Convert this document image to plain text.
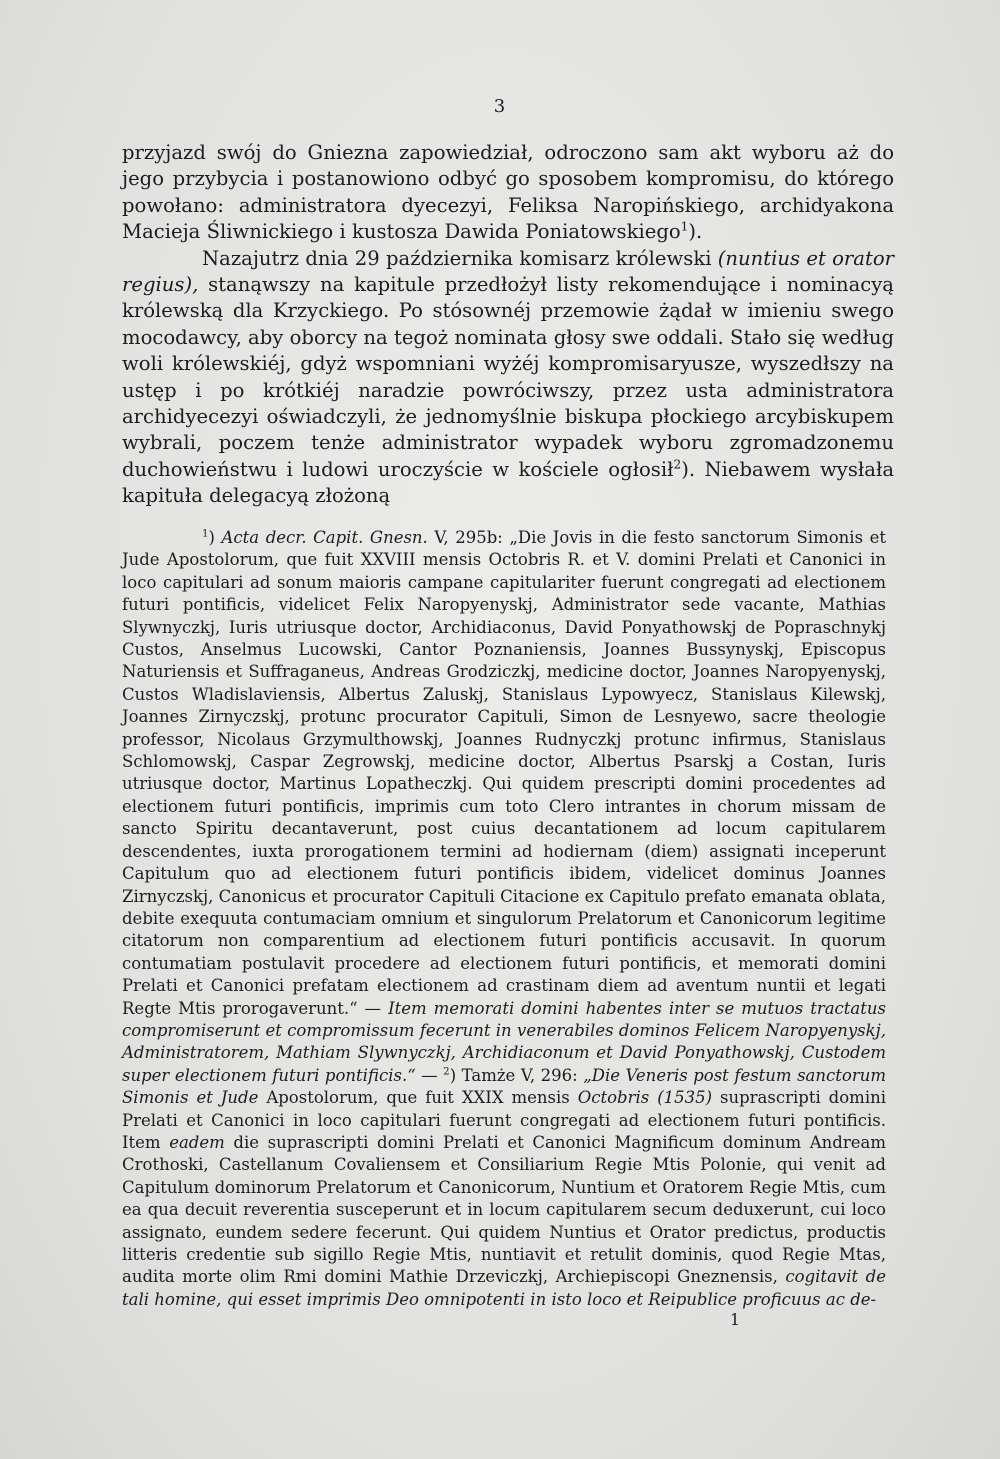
3

przyjazd swój do Gniezna zapowiedział, odroczono sam akt wyboru aż do jego przybycia i postanowiono odbyć go sposobem kompromisu, do którego powołano: administratora dyecezyi, Feliksa Naropińskiego, archidyakona Macieja Śliwnickiego i kustosza Dawida Poniatowskiego$^1$).

Nazajutrz dnia 29 października komisarz królewski (nuntius et orator regius), stanąwszy na kapitule przedłożył listy rekomendujące i nominacyą królewską dla Krzyckiego. Po stósownéj przemowie żądał w imieniu swego mocodawcy, aby oborcy na tegoż nominata głosy swe oddali. Stało się według woli królewskiéj, gdyż wspomniani wyżéj kompromisaryusze, wyszedłszy na ustęp i po krótkiéj naradzie powróciwszy, przez usta administratora archidyecezyi oświadczyli, że jednomyślnie biskupa płockiego arcybiskupem wybrali, poczem tenże administrator wypadek wyboru zgromadzonemu duchowieństwu i ludowi uroczyście w kościele ogłosił$^2$). Niebawem wysłała kapituła delegacyą złożoną

$^1$) Acta decr. Capit. Gnesn. V, 295b: „Die Jovis in die festo sanctorum Simonis et Jude Apostolorum, que fuit XXVIII mensis Octobris R. et V. domini Prelati et Canonici in loco capitulari ad sonum maioris campane capitulariter fuerunt congregati ad electionem futuri pontificis, videlicet Felix Naropyenyskj, Administrator sede vacante, Mathias Slywnyczkj, Iuris utriusque doctor, Archidiaconus, David Ponyathowskj de Popraschnykj Custos, Anselmus Lucowski, Cantor Poznaniensis, Joannes Bussynyskj, Episcopus Naturiensis et Suffraganeus, Andreas Grodziczkj, medicine doctor, Joannes Naropyenyskj, Custos Wladislaviensis, Albertus Zaluskj, Stanislaus Lypowyecz, Stanislaus Kilewskj, Joannes Zirnyczskj, protunc procurator Capituli, Simon de Lesnyewo, sacre theologie professor, Nicolaus Grzymulthowskj, Joannes Rudnyczkj protunc infirmus, Stanislaus Schlomowskj, Caspar Zegrowskj, medicine doctor, Albertus Psarskj a Costan, Iuris utriusque doctor, Martinus Lopatheczkj. Qui quidem prescripti domini procedentes ad electionem futuri pontificis, imprimis cum toto Clero intrantes in chorum missam de sancto Spiritu decantaverunt, post cuius decantationem ad locum capitularem descendentes, iuxta prorogationem termini ad hodiernam (diem) assignati inceperunt Capitulum quo ad electionem futuri pontificis ibidem, videlicet dominus Joannes Zirnyczskj, Canonicus et procurator Capituli Citacione ex Capitulo prefato emanata oblata, debite exequuta contumaciam omnium et singulorum Prelatorum et Canonicorum legitime citatorum non comparentium ad electionem futuri pontificis accusavit. In quorum contumatiam postulavit procedere ad electionem futuri pontificis, et memorati domini Prelati et Canonici prefatam electionem ad crastinam diem ad aventum nuntii et legati Regte Mtis prorogaverunt.“ — Item memorati domini habentes inter se mutuos tractatus compromiserunt et compromissum fecerunt in venerabiles dominos Felicem Naropyenyskj, Administratorem, Mathiam Slywnyczkj, Archidiaconum et David Ponyathowskj, Custodem super electionem futuri pontificis.“ — $^2$) Tamże V, 296: „Die Veneris post festum sanctorum Simonis et Jude Apostolorum, que fuit XXIX mensis Octobris (1535) suprascripti domini Prelati et Canonici in loco capitulari fuerunt congregati ad electionem futuri pontificis. Item eadem die suprascripti domini Prelati et Canonici Magnificum dominum Andream Crothoski, Castellanum Covaliensem et Consiliarium Regie Mtis Polonie, qui venit ad Capitulum dominorum Prelatorum et Canonicorum, Nuntium et Oratorem Regie Mtis, cum ea qua decuit reverentia susceperunt et in locum capitularem secum deduxerunt, cui loco assignato, eundem sedere fecerunt. Qui quidem Nuntius et Orator predictus, productis litteris credentie sub sigillo Regie Mtis, nuntiavit et retulit dominis, quod Regie Mtas, audita morte olim Rmi domini Mathie Drzeviczkj, Archiepiscopi Gneznensis, cogitavit de tali homine, qui esset imprimis Deo omnipotenti in isto loco et Reipublice proficuus ac de-

1
